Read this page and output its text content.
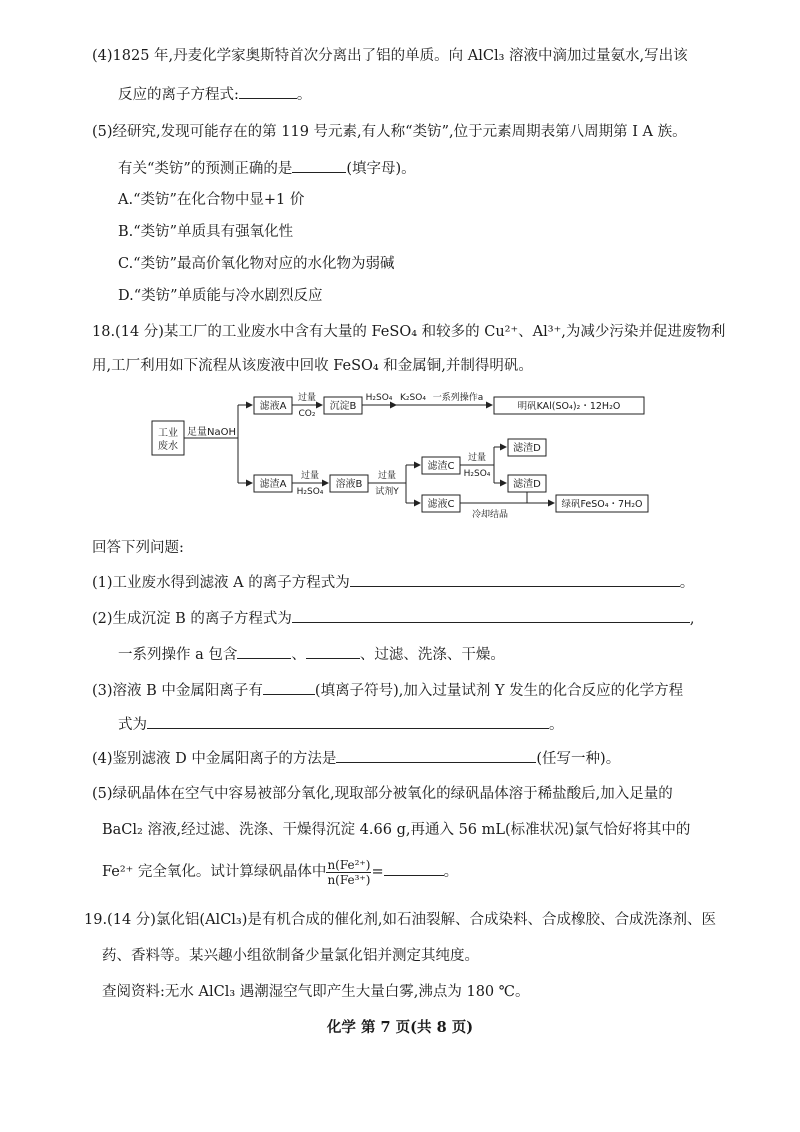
(4)1825 年,丹麦化学家奥斯特首次分离出了铝的单质。向 AlCl₃ 溶液中滴加过量氨水,写出该
反应的离子方程式:	。
(5)经研究,发现可能存在的第 119 号元素,有人称“类钫”,位于元素周期表第八周期第 Ⅰ A 族。
有关“类钫”的预测正确的是	(填字母)。
A.“类钫”在化合物中显+1 价
B.“类钫”单质具有强氧化性
C.“类钫”最高价氧化物对应的水化物为弱碱
D.“类钫”单质能与冷水剧烈反应
18.(14 分)某工厂的工业废水中含有大量的 FeSO₄ 和较多的 Cu²⁺、Al³⁺,为减少污染并促进废物利
用,工厂利用如下流程从该废液中回收 FeSO₄ 和金属铜,并制得明矾。
工业
废水
足量NaOH
滤液A
过量
CO₂
沉淀B
H₂SO₄ K₂SO₄ 一系列操作a
明矾KAl(SO₄)₂・12H₂O
滤渣A
过量
H₂SO₄
溶液B
过量
试剂Y
滤渣C
过量
H₂SO₄
滤渣D
滤渣D
滤液C
冷却结晶
绿矾FeSO₄・7H₂O
回答下列问题:
(1)工业废水得到滤液 A 的离子方程式为	。
(2)生成沉淀 B 的离子方程式为	,
一系列操作 a 包含	、	、过滤、洗涤、干燥。
(3)溶液 B 中金属阳离子有	(填离子符号),加入过量试剂 Y 发生的化合反应的化学方程
式为	。
(4)鉴别滤液 D 中金属阳离子的方法是	(任写一种)。
(5)绿矾晶体在空气中容易被部分氧化,现取部分被氧化的绿矾晶体溶于稀盐酸后,加入足量的
BaCl₂ 溶液,经过滤、洗涤、干燥得沉淀 4.66 g,再通入 56 mL(标准状况)氯气恰好将其中的
Fe²⁺ 完全氧化。试计算绿矾晶体中 $\frac{\text{n(Fe²⁺)}}{\text{n(Fe³⁺)}}$ =	。
19.(14 分)氯化铝(AlCl₃)是有机合成的催化剂,如石油裂解、合成染料、合成橡胶、合成洗涤剂、医
药、香料等。某兴趣小组欲制备少量氯化铝并测定其纯度。
查阅资料:无水 AlCl₃ 遇潮湿空气即产生大量白雾,沸点为 180 ℃。
化学 第 7 页(共 8 页)
